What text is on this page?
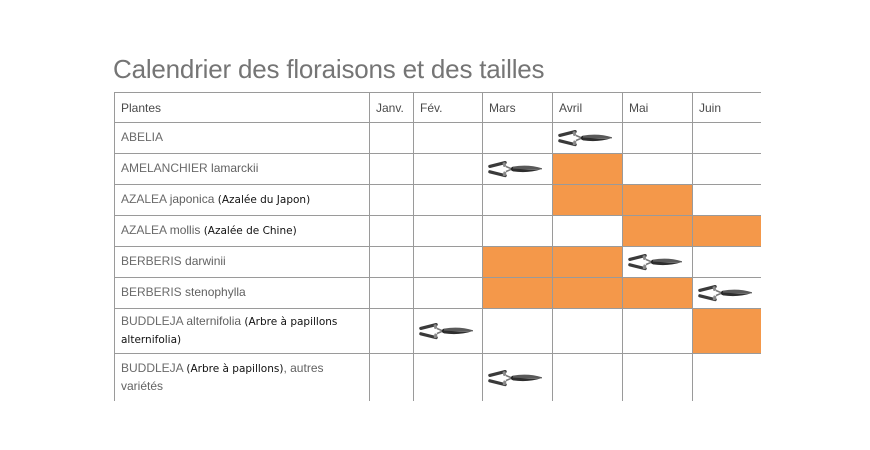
Calendrier des floraisons et des tailles
Plantes	Janv.	Fév.	Mars	Avril	Mai	Juin
ABELIA				

AMELANCHIER lamarckii			

AZALEA japonica (Azalée du Japon)						
AZALEA mollis (Azalée de Chine)						
BERBERIS darwinii					

BERBERIS stenophylla						

BUDDLEJA alternifolia (Arbre à papillons alternifolia)		

BUDDLEJA (Arbre à papillons), autres variétés			
